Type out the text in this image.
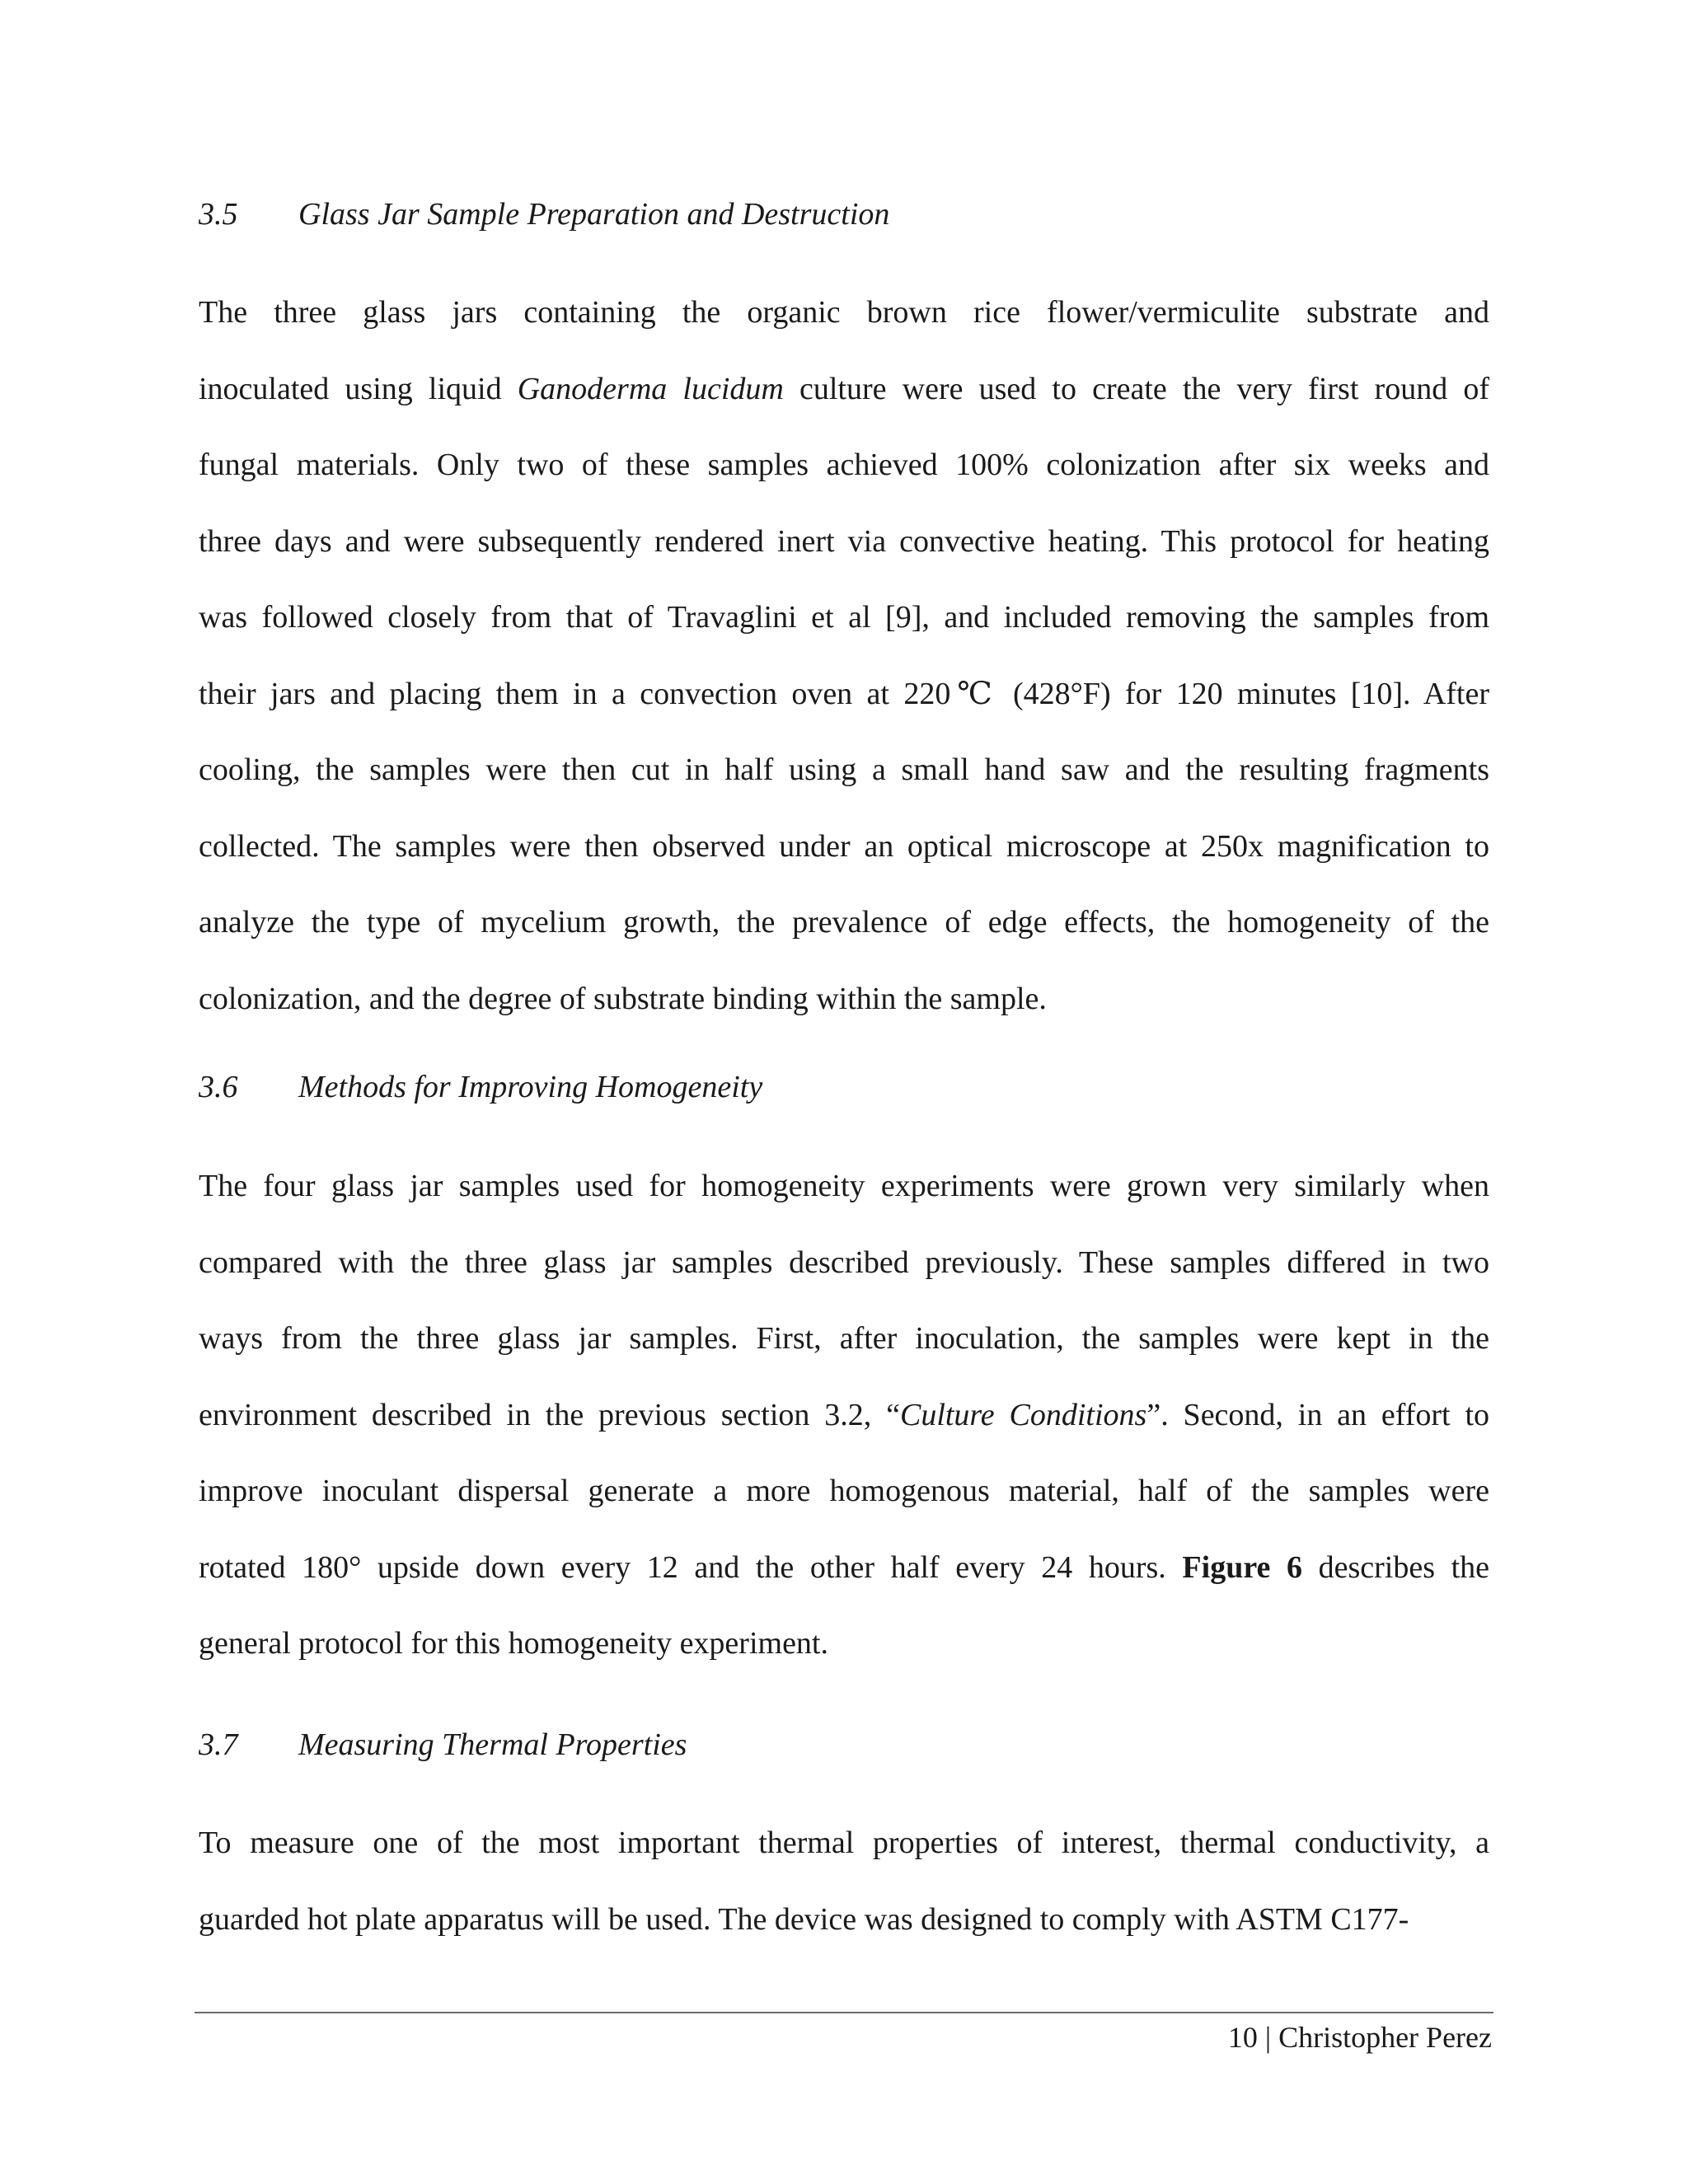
3.5 Glass Jar Sample Preparation and Destruction
The three glass jars containing the organic brown rice flower/vermiculite substrate and
inoculated using liquid Ganoderma lucidum culture were used to create the very first round of
fungal materials. Only two of these samples achieved 100% colonization after six weeks and
three days and were subsequently rendered inert via convective heating. This protocol for heating
was followed closely from that of Travaglini et al [9], and included removing the samples from
their jars and placing them in a convection oven at 220℃ (428°F) for 120 minutes [10]. After
cooling, the samples were then cut in half using a small hand saw and the resulting fragments
collected. The samples were then observed under an optical microscope at 250x magnification to
analyze the type of mycelium growth, the prevalence of edge effects, the homogeneity of the
colonization, and the degree of substrate binding within the sample.
3.6 Methods for Improving Homogeneity
The four glass jar samples used for homogeneity experiments were grown very similarly when
compared with the three glass jar samples described previously. These samples differed in two
ways from the three glass jar samples. First, after inoculation, the samples were kept in the
environment described in the previous section 3.2, “Culture Conditions”. Second, in an effort to
improve inoculant dispersal generate a more homogenous material, half of the samples were
rotated 180° upside down every 12 and the other half every 24 hours. Figure 6 describes the
general protocol for this homogeneity experiment.
3.7 Measuring Thermal Properties
To measure one of the most important thermal properties of interest, thermal conductivity, a
guarded hot plate apparatus will be used. The device was designed to comply with ASTM C177-
10 | Christopher Perez
